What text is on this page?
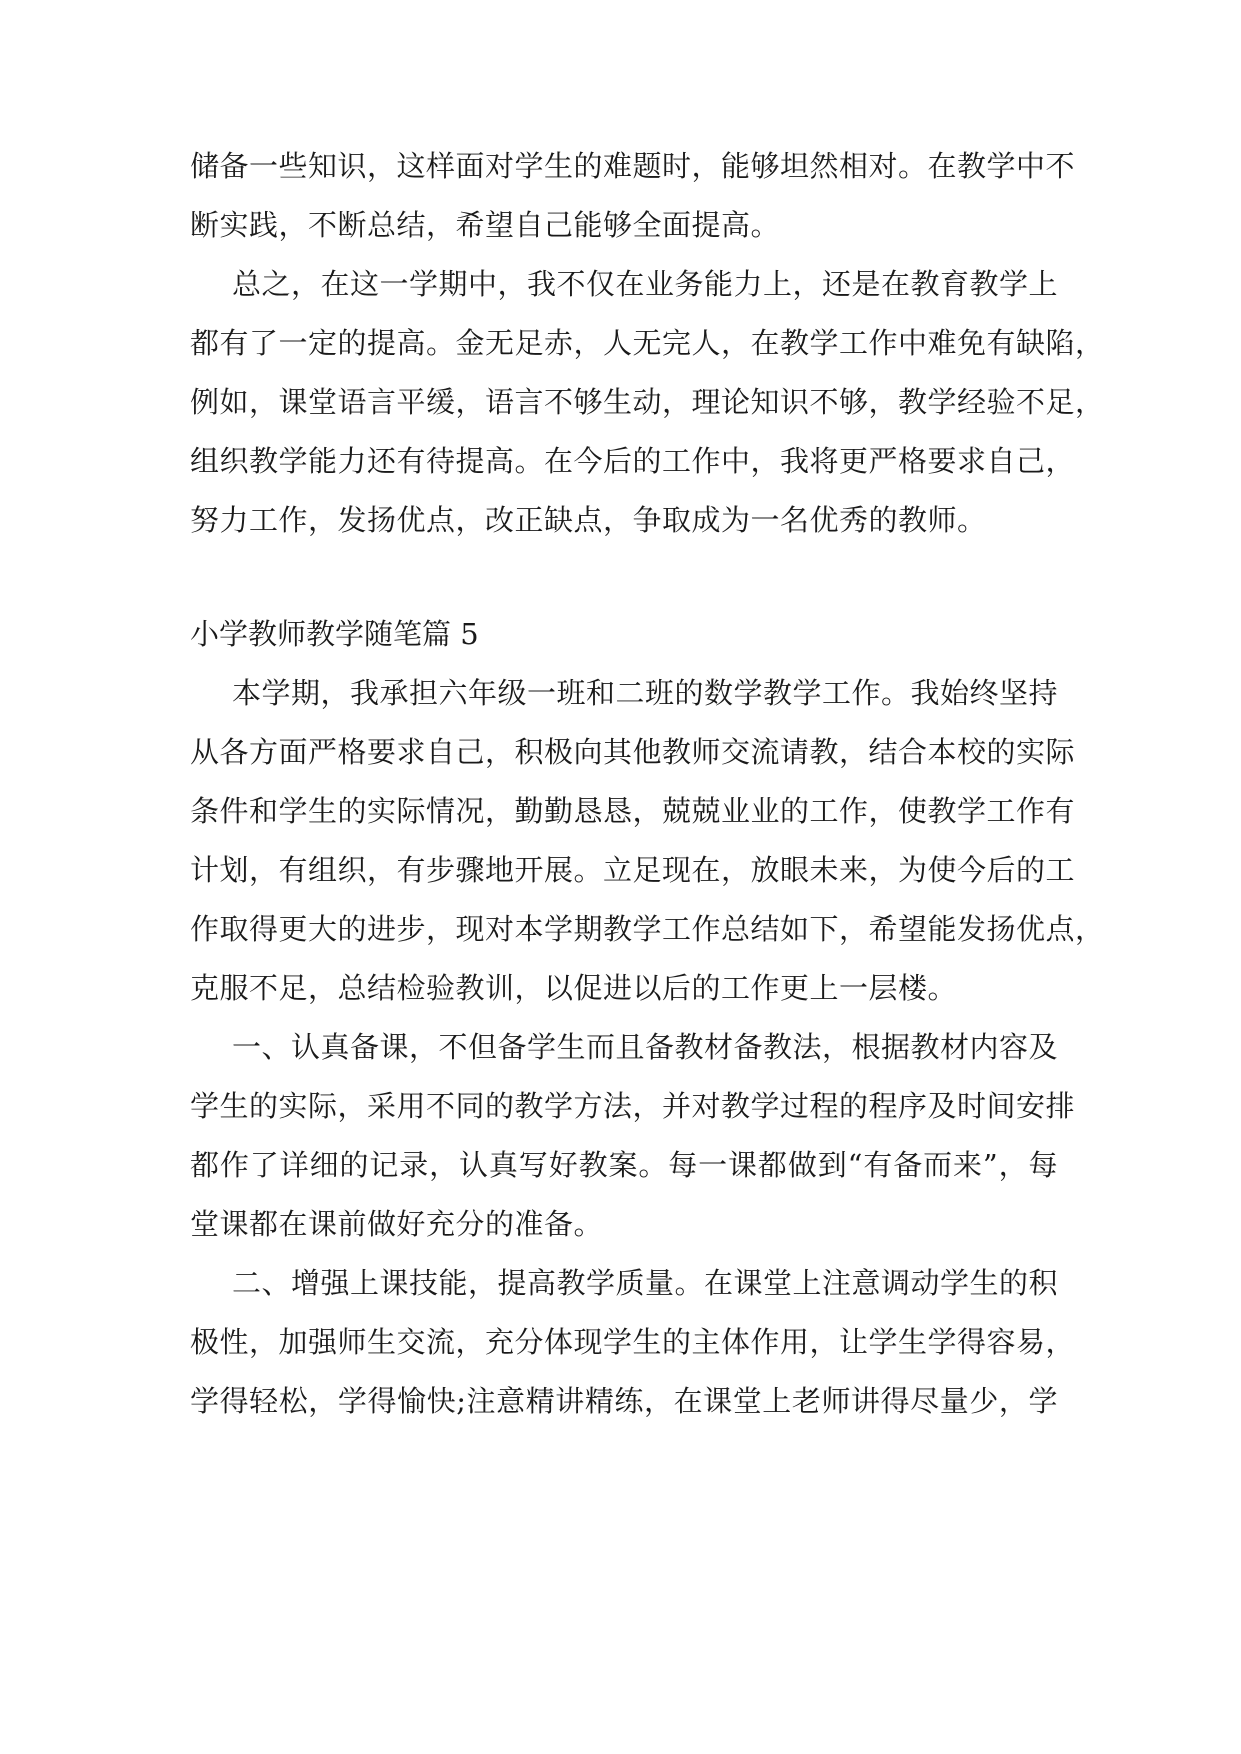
储备一些知识，这样面对学生的难题时，能够坦然相对。在教学中不
断实践，不断总结，希望自己能够全面提高。
总之，在这一学期中，我不仅在业务能力上，还是在教育教学上
都有了一定的提高。金无足赤，人无完人，在教学工作中难免有缺陷，
例如，课堂语言平缓，语言不够生动，理论知识不够，教学经验不足，
组织教学能力还有待提高。在今后的工作中，我将更严格要求自己，
努力工作，发扬优点，改正缺点，争取成为一名优秀的教师。
小学教师教学随笔篇 5
本学期，我承担六年级一班和二班的数学教学工作。我始终坚持
从各方面严格要求自己，积极向其他教师交流请教，结合本校的实际
条件和学生的实际情况，勤勤恳恳，兢兢业业的工作，使教学工作有
计划，有组织，有步骤地开展。立足现在，放眼未来，为使今后的工
作取得更大的进步，现对本学期教学工作总结如下，希望能发扬优点，
克服不足，总结检验教训，以促进以后的工作更上一层楼。
一、认真备课，不但备学生而且备教材备教法，根据教材内容及
学生的实际，采用不同的教学方法，并对教学过程的程序及时间安排
都作了详细的记录，认真写好教案。每一课都做到“有备而来”，每
堂课都在课前做好充分的准备。
二、增强上课技能，提高教学质量。在课堂上注意调动学生的积
极性，加强师生交流，充分体现学生的主体作用，让学生学得容易，
学得轻松，学得愉快;注意精讲精练，在课堂上老师讲得尽量少，学
